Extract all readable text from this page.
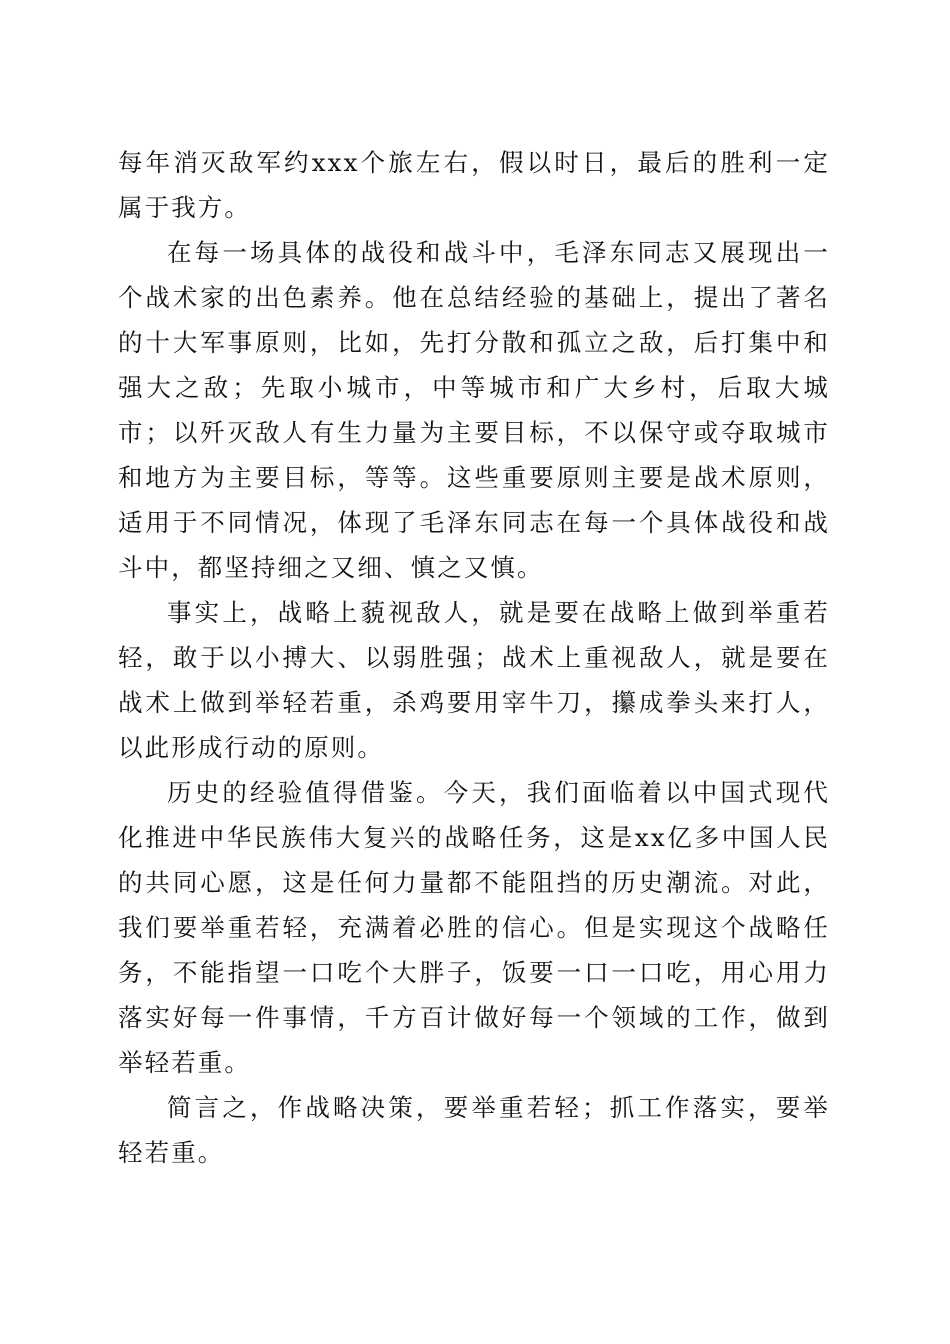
每年消灭敌军约xxx个旅左右，假以时日，最后的胜利一定属于我方。

在每一场具体的战役和战斗中，毛泽东同志又展现出一个战术家的出色素养。他在总结经验的基础上，提出了著名的十大军事原则，比如，先打分散和孤立之敌，后打集中和强大之敌；先取小城市，中等城市和广大乡村，后取大城市；以歼灭敌人有生力量为主要目标，不以保守或夺取城市和地方为主要目标，等等。这些重要原则主要是战术原则，适用于不同情况，体现了毛泽东同志在每一个具体战役和战斗中，都坚持细之又细、慎之又慎。

事实上，战略上藐视敌人，就是要在战略上做到举重若轻，敢于以小搏大、以弱胜强；战术上重视敌人，就是要在战术上做到举轻若重，杀鸡要用宰牛刀，攥成拳头来打人，以此形成行动的原则。

历史的经验值得借鉴。今天，我们面临着以中国式现代化推进中华民族伟大复兴的战略任务，这是xx亿多中国人民的共同心愿，这是任何力量都不能阻挡的历史潮流。对此，我们要举重若轻，充满着必胜的信心。但是实现这个战略任务，不能指望一口吃个大胖子，饭要一口一口吃，用心用力落实好每一件事情，千方百计做好每一个领域的工作，做到举轻若重。

简言之，作战略决策，要举重若轻；抓工作落实，要举轻若重。
